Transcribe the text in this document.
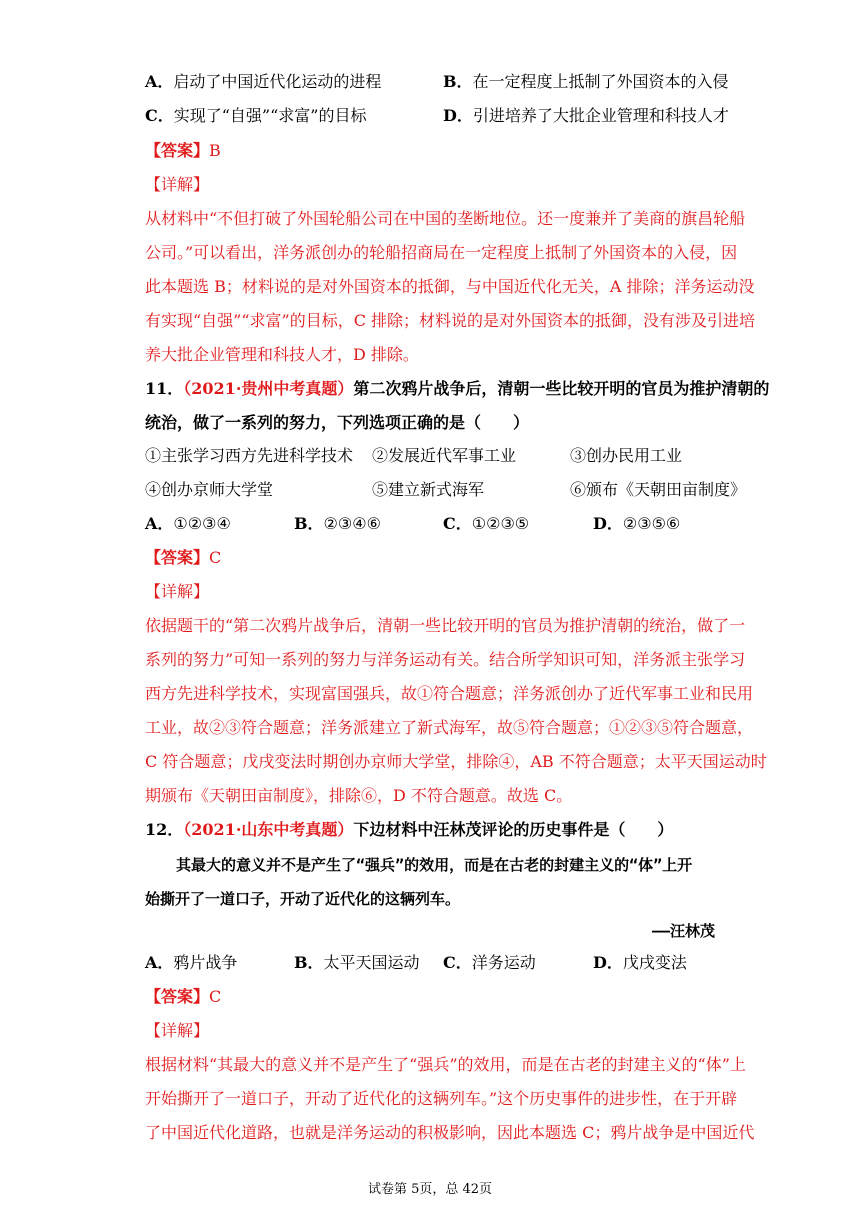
A．启动了中国近代化运动的进程	B．在一定程度上抵制了外国资本的入侵
C．实现了“自强”“求富”的目标	D．引进培养了大批企业管理和科技人才
【答案】B
【详解】
从材料中“不但打破了外国轮船公司在中国的垄断地位。还一度兼并了美商的旗昌轮船
公司。”可以看出，洋务派创办的轮船招商局在一定程度上抵制了外国资本的入侵，因
此本题选 B；材料说的是对外国资本的抵御，与中国近代化无关，A 排除；洋务运动没
有实现“自强”“求富”的目标，C 排除；材料说的是对外国资本的抵御，没有涉及引进培
养大批企业管理和科技人才，D 排除。
11．（2021·贵州中考真题）第二次鸦片战争后，清朝一些比较开明的官员为推护清朝的
统治，做了一系列的努力，下列选项正确的是（　　）
①主张学习西方先进科学技术 ②发展近代军事工业	③创办民用工业
④创办京师大学堂	⑤建立新式海军	⑥颁布《天朝田亩制度》
A．①②③④	B．②③④⑥	C．①②③⑤	D．②③⑤⑥
【答案】C
【详解】
依据题干的“第二次鸦片战争后，清朝一些比较开明的官员为推护清朝的统治，做了一
系列的努力”可知一系列的努力与洋务运动有关。结合所学知识可知，洋务派主张学习
西方先进科学技术，实现富国强兵，故①符合题意；洋务派创办了近代军事工业和民用
工业，故②③符合题意；洋务派建立了新式海军，故⑤符合题意；①②③⑤符合题意，
C 符合题意；戊戌变法时期创办京师大学堂，排除④，AB 不符合题意；太平天国运动时
期颁布《天朝田亩制度》，排除⑥，D 不符合题意。故选 C。
12．（2021·山东中考真题）下边材料中汪林茂评论的历史事件是（　　）
其最大的意义并不是产生了“强兵”的效用，而是在古老的封建主义的“体”上开
始撕开了一道口子，开动了近代化的这辆列车。
——汪林茂
A．鸦片战争	B．太平天国运动 C．洋务运动	D．戊戌变法
【答案】C
【详解】
根据材料“其最大的意义并不是产生了“强兵”的效用，而是在古老的封建主义的“体”上
开始撕开了一道口子，开动了近代化的这辆列车。”这个历史事件的进步性，在于开辟
了中国近代化道路，也就是洋务运动的积极影响，因此本题选 C；鸦片战争是中国近代
试卷第 5页，总 42页
